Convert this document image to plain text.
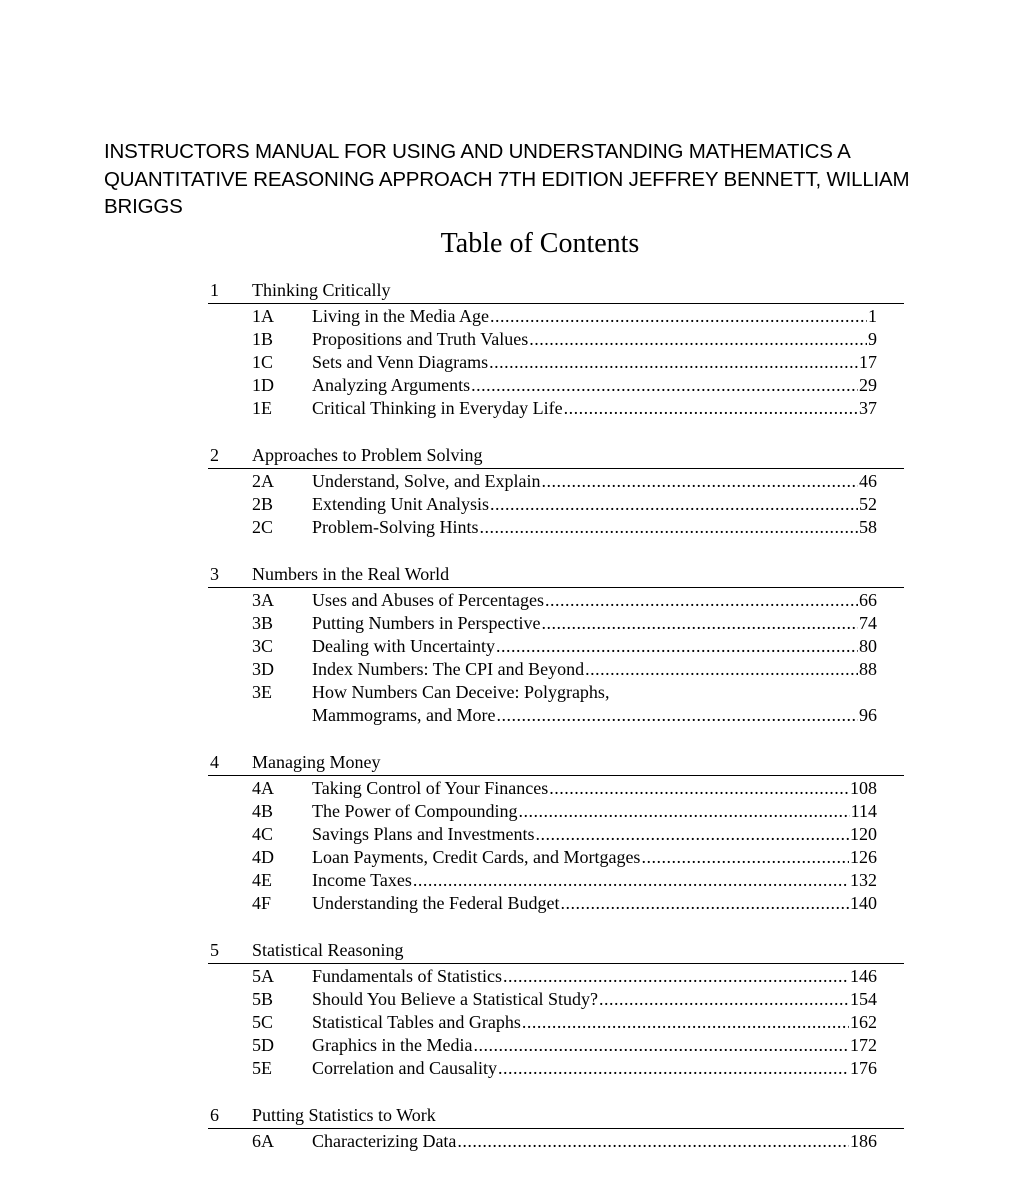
INSTRUCTORS MANUAL FOR USING AND UNDERSTANDING MATHEMATICS A QUANTITATIVE REASONING APPROACH 7TH EDITION JEFFREY BENNETT, WILLIAM BRIGGS
Table of Contents
1	Thinking Critically
1A	Living in the Media Age .....	1
1B	Propositions and Truth Values .....	9
1C	Sets and Venn Diagrams .....	17
1D	Analyzing Arguments .....	29
1E	Critical Thinking in Everyday Life .....	37
2	Approaches to Problem Solving
2A	Understand, Solve, and Explain .....	46
2B	Extending Unit Analysis .....	52
2C	Problem-Solving Hints .....	58
3	Numbers in the Real World
3A	Uses and Abuses of Percentages .....	66
3B	Putting Numbers in Perspective .....	74
3C	Dealing with Uncertainty .....	80
3D	Index Numbers: The CPI and Beyond .....	88
3E	How Numbers Can Deceive: Polygraphs,
Mammograms, and More .....	96
4	Managing Money
4A	Taking Control of Your Finances .....	108
4B	The Power of Compounding .....	114
4C	Savings Plans and Investments .....	120
4D	Loan Payments, Credit Cards, and Mortgages .....	126
4E	Income Taxes .....	132
4F	Understanding the Federal Budget .....	140
5	Statistical Reasoning
5A	Fundamentals of Statistics .....	146
5B	Should You Believe a Statistical Study? .....	154
5C	Statistical Tables and Graphs .....	162
5D	Graphics in the Media .....	172
5E	Correlation and Causality .....	176
6	Putting Statistics to Work
6A	Characterizing Data .....	186
